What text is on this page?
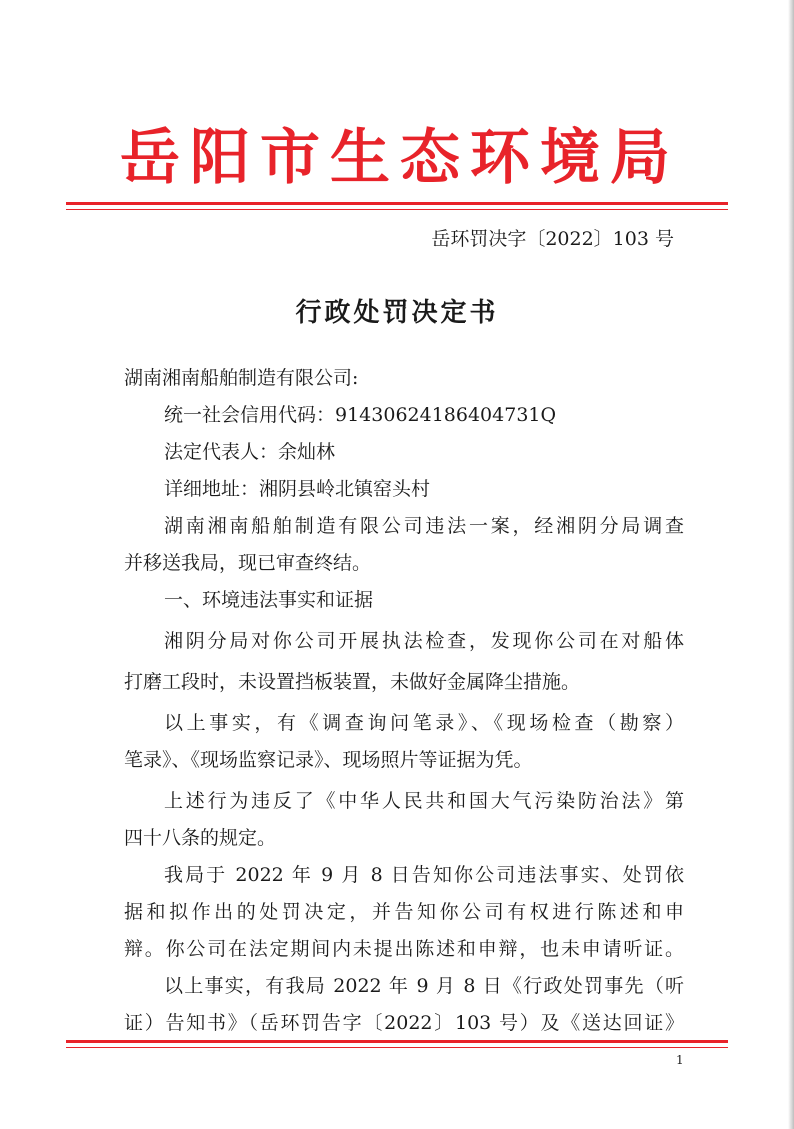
岳阳市生态环境局
岳环罚决字〔2022〕103 号
行政处罚决定书
湖南湘南船舶制造有限公司:
统一社会信用代码：91430624186404731Q
法定代表人：余灿林
详细地址：湘阴县岭北镇窑头村
湖南湘南船舶制造有限公司违法一案，经湘阴分局调查
并移送我局，现已审查终结。
一、环境违法事实和证据
湘阴分局对你公司开展执法检查，发现你公司在对船体
打磨工段时，未设置挡板装置，未做好金属降尘措施。
以上事实，有《调查询问笔录》、《现场检查（勘察）
笔录》、《现场监察记录》、现场照片等证据为凭。
上述行为违反了《中华人民共和国大气污染防治法》第
四十八条的规定。
我局于 2022 年 9 月 8 日告知你公司违法事实、处罚依
据和拟作出的处罚决定，并告知你公司有权进行陈述和申
辩。你公司在法定期间内未提出陈述和申辩，也未申请听证。
以上事实，有我局 2022 年 9 月 8 日《行政处罚事先（听
证）告知书》（岳环罚告字〔2022〕103 号）及《送达回证》
1
